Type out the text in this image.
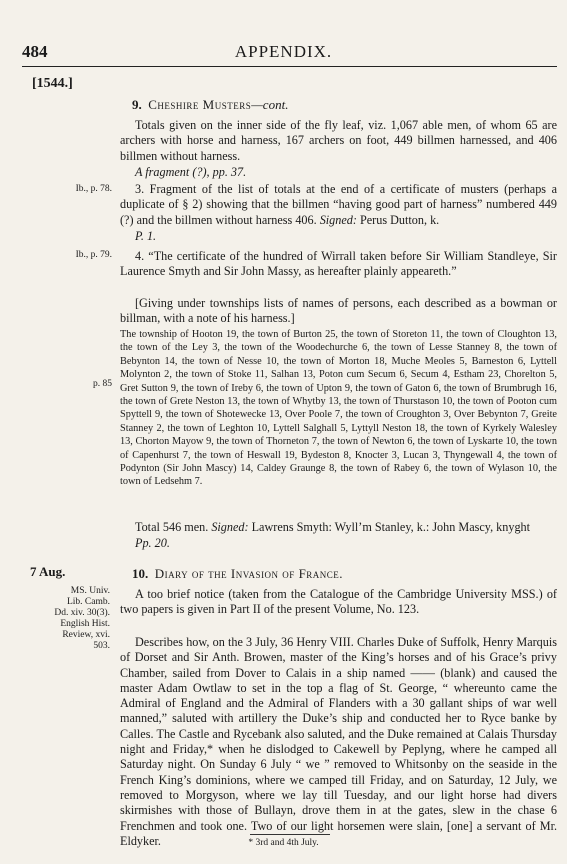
484	APPENDIX.
[1544.]
9. Cheshire Musters—cont.
Totals given on the inner side of the fly leaf, viz. 1,067 able men, of whom 65 are archers with horse and harness, 167 archers on foot, 449 billmen harnessed, and 406 billmen without harness.
A fragment (?), pp. 37.
Ib., p. 78.	3. Fragment of the list of totals at the end of a certificate of musters (perhaps a duplicate of § 2) showing that the billmen “having good part of harness” numbered 449 (?) and the billmen without harness 406. Signed: Perus Dutton, k.
P. 1.
Ib., p. 79.	4. “The certificate of the hundred of Wirrall taken before Sir William Standleye, Sir Laurence Smyth and Sir John Massy, as hereafter plainly appeareth.”
[Giving under townships lists of names of persons, each described as a bowman or billman, with a note of his harness.]
p. 85
The township of Hooton 19, the town of Burton 25, the town of Storeton 11, the town of Cloughton 13, the town of the Ley 3, the town of the Woodechurche 6, the town of Lesse Stanney 8, the town of Bebynton 14, the town of Nesse 10, the town of Morton 18, Muche Meoles 5, Barneston 6, Lyttell Molynton 2, the town of Stoke 11, Salhan 13, Poton cum Secum 6, Secum 4, Estham 23, Chorelton 5, Gret Sutton 9, the town of Ireby 6, the town of Upton 9, the town of Gaton 6, the town of Brumbrugh 16, the town of Grete Neston 13, the town of Whytby 13, the town of Thurstason 10, the town of Pooton cum Spyttell 9, the town of Shotewecke 13, Over Poole 7, the town of Croughton 3, Over Bebynton 7, Greite Stanney 2, the town of Leghton 10, Lyttell Salghall 5, Lyttyll Neston 18, the town of Kyrkely Walesley 13, Chorton Mayow 9, the town of Thorneton 7, the town of Newton 6, the town of Lyskarte 10, the town of Capenhurst 7, the town of Heswall 19, Bydeston 8, Knocter 3, Lucan 3, Thyngewall 4, the town of Podynton (Sir John Mascy) 14, Caldey Graunge 8, the town of Rabey 6, the town of Wylason 10, the town of Ledsehm 7.
Total 546 men. Signed: Lawrens Smyth: Wyll’m Stanley, k.: John Mascy, knyght
Pp. 20.
7 Aug.	10. Diary of the Invasion of France.
MS. Univ.
Lib. Camb.
Dd. xiv. 30(3).
English Hist.
Review, xvi.
503.
A too brief notice (taken from the Catalogue of the Cambridge University MSS.) of two papers is given in Part II of the present Volume, No. 123.
Describes how, on the 3 July, 36 Henry VIII. Charles Duke of Suffolk, Henry Marquis of Dorset and Sir Anth. Browen, master of the King’s horses and of his Grace’s privy Chamber, sailed from Dover to Calais in a ship named —— (blank) and caused the master Adam Owtlaw to set in the top a flag of St. George, “ whereunto came the Admiral of England and the Admiral of Flanders with a 30 gallant ships of war well manned,” saluted with artillery the Duke’s ship and conducted her to Ryce banke by Calles. The Castle and Rycebank also saluted, and the Duke remained at Calais Thursday night and Friday,* when he dislodged to Cakewell by Peplyng, where he camped all Saturday night. On Sunday 6 July “ we ” removed to Whitsonby on the seaside in the French King’s dominions, where we camped till Friday, and on Saturday, 12 July, we removed to Morgyson, where we lay till Tuesday, and our light horse had divers skirmishes with those of Bullayn, drove them in at the gates, slew in the chase 6 Frenchmen and took one. Two of our light horsemen were slain, [one] a servant of Mr. Eldyker.	* 3rd and 4th July.
